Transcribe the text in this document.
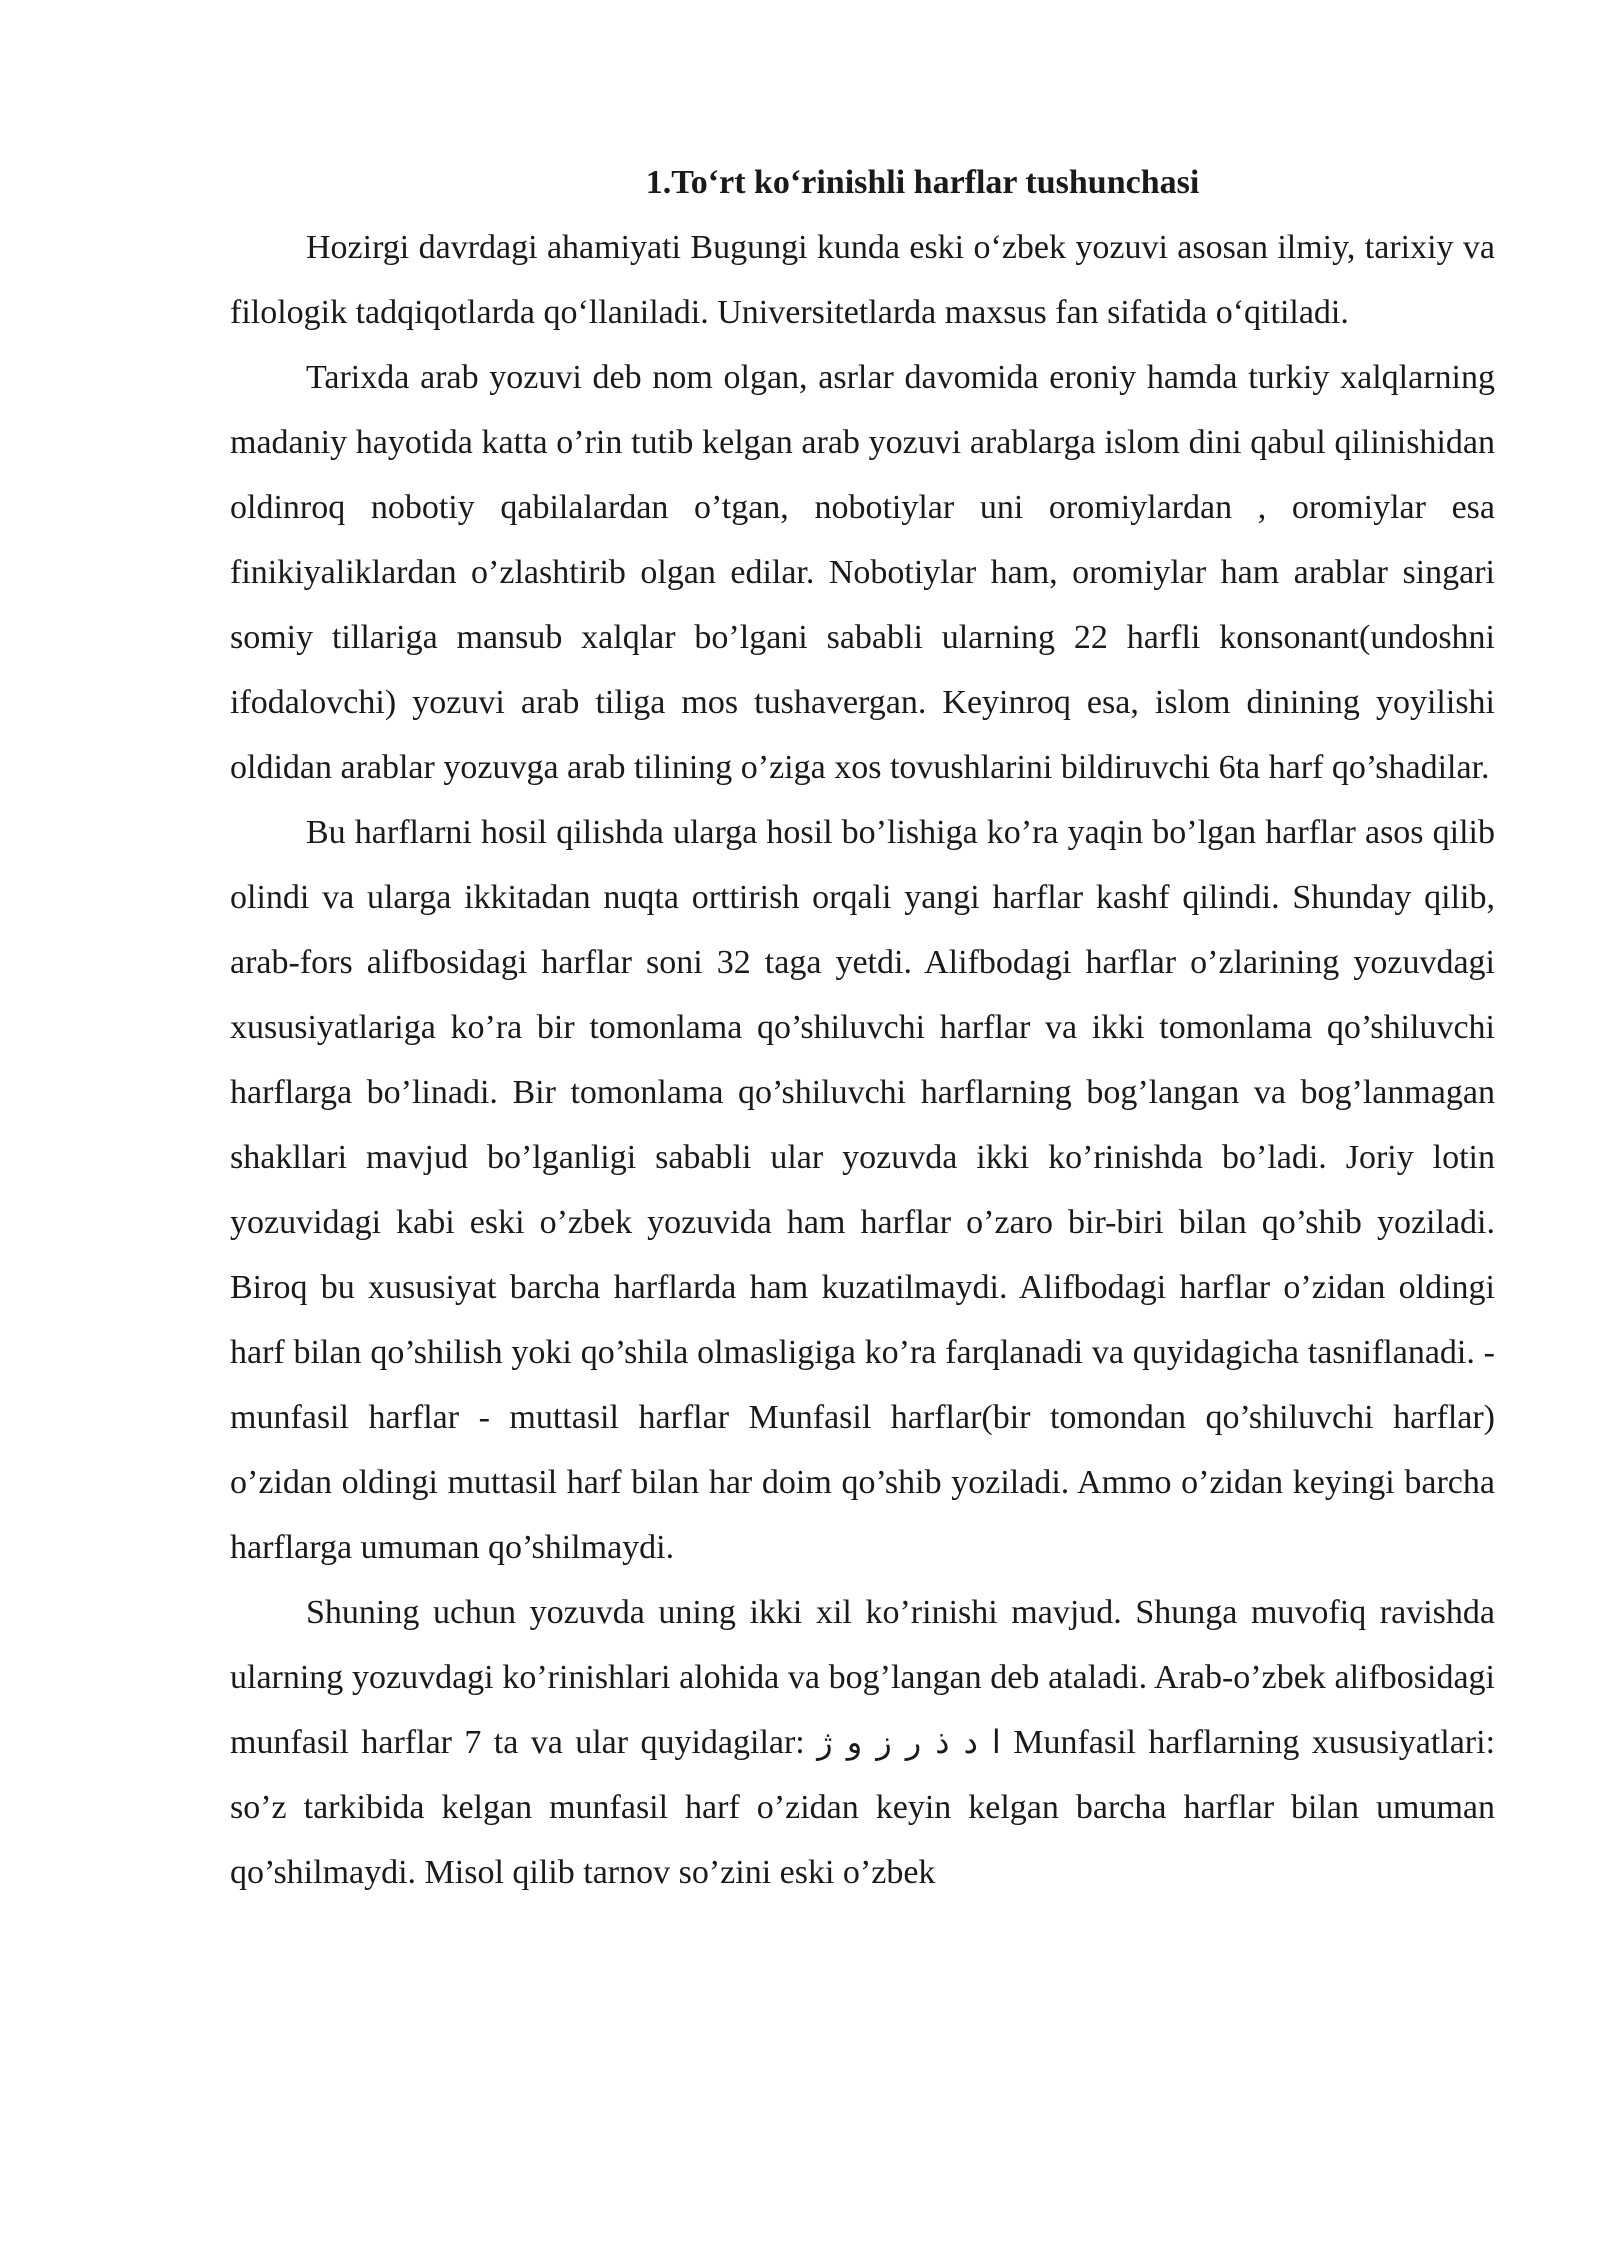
1.To‘rt ko‘rinishli harflar tushunchasi

Hozirgi davrdagi ahamiyati Bugungi kunda eski o‘zbek yozuvi asosan ilmiy, tarixiy va filologik tadqiqotlarda qo‘llaniladi. Universitetlarda maxsus fan sifatida o‘qitiladi.

Tarixda arab yozuvi deb nom olgan, asrlar davomida eroniy hamda turkiy xalqlarning madaniy hayotida katta o’rin tutib kelgan arab yozuvi arablarga islom dini qabul qilinishidan oldinroq nobotiy qabilalardan o’tgan, nobotiylar uni oromiylardan , oromiylar esa finikiyaliklardan o’zlashtirib olgan edilar. Nobotiylar ham, oromiylar ham arablar singari somiy tillariga mansub xalqlar bo’lgani sababli ularning 22 harfli konsonant(undoshni ifodalovchi) yozuvi arab tiliga mos tushavergan. Keyinroq esa, islom dinining yoyilishi oldidan arablar yozuvga arab tilining o’ziga xos tovushlarini bildiruvchi 6ta harf qo’shadilar.

Bu harflarni hosil qilishda ularga hosil bo’lishiga ko’ra yaqin bo’lgan harflar asos qilib olindi va ularga ikkitadan nuqta orttirish orqali yangi harflar kashf qilindi. Shunday qilib, arab-fors alifbosidagi harflar soni 32 taga yetdi. Alifbodagi harflar o’zlarining yozuvdagi xususiyatlariga ko’ra bir tomonlama qo’shiluvchi harflar va ikki tomonlama qo’shiluvchi harflarga bo’linadi. Bir tomonlama qo’shiluvchi harflarning bog’langan va bog’lanmagan shakllari mavjud bo’lganligi sababli ular yozuvda ikki ko’rinishda bo’ladi. Joriy lotin yozuvidagi kabi eski o’zbek yozuvida ham harflar o’zaro bir-biri bilan qo’shib yoziladi. Biroq bu xususiyat barcha harflarda ham kuzatilmaydi. Alifbodagi harflar o’zidan oldingi harf bilan qo’shilish yoki qo’shila olmasligiga ko’ra farqlanadi va quyidagicha tasniflanadi. - munfasil harflar - muttasil harflar Munfasil harflar(bir tomondan qo’shiluvchi harflar) o’zidan oldingi muttasil harf bilan har doim qo’shib yoziladi. Ammo o’zidan keyingi barcha harflarga umuman qo’shilmaydi.

Shuning uchun yozuvda uning ikki xil ko’rinishi mavjud. Shunga muvofiq ravishda ularning yozuvdagi ko’rinishlari alohida va bog’langan deb ataladi. Arab-o’zbek alifbosidagi munfasil harflar 7 ta va ular quyidagilar: ا د ذ ر ز و ژ Munfasil harflarning xususiyatlari: so’z tarkibida kelgan munfasil harf o’zidan keyin kelgan barcha harflar bilan umuman qo’shilmaydi. Misol qilib tarnov so’zini eski o’zbek
